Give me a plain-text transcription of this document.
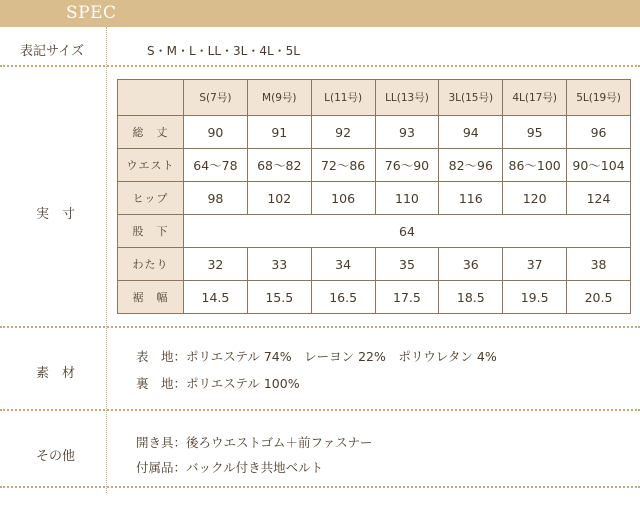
SPEC
表記サイズ	S・M・L・LL・3L・4L・5L
実　寸
	S(7号)	M(9号)	L(11号)	LL(13号)	3L(15号)	4L(17号)	5L(19号)
総　丈	90	91	92	93	94	95	96
ウエスト	64～78	68～82	72～86	76～90	82～96	86～100	90～104
ヒップ	98	102	106	110	116	120	124
股　下	64						
わたり	32	33	34	35	36	37	38
裾　幅	14.5	15.5	16.5	17.5	18.5	19.5	20.5
素　材
表　地：ポリエステル 74%　レーヨン 22%　ポリウレタン 4%
裏　地：ポリエステル 100%
その他
開き具：後ろウエストゴム＋前ファスナー
付属品：バックル付き共地ベルト
